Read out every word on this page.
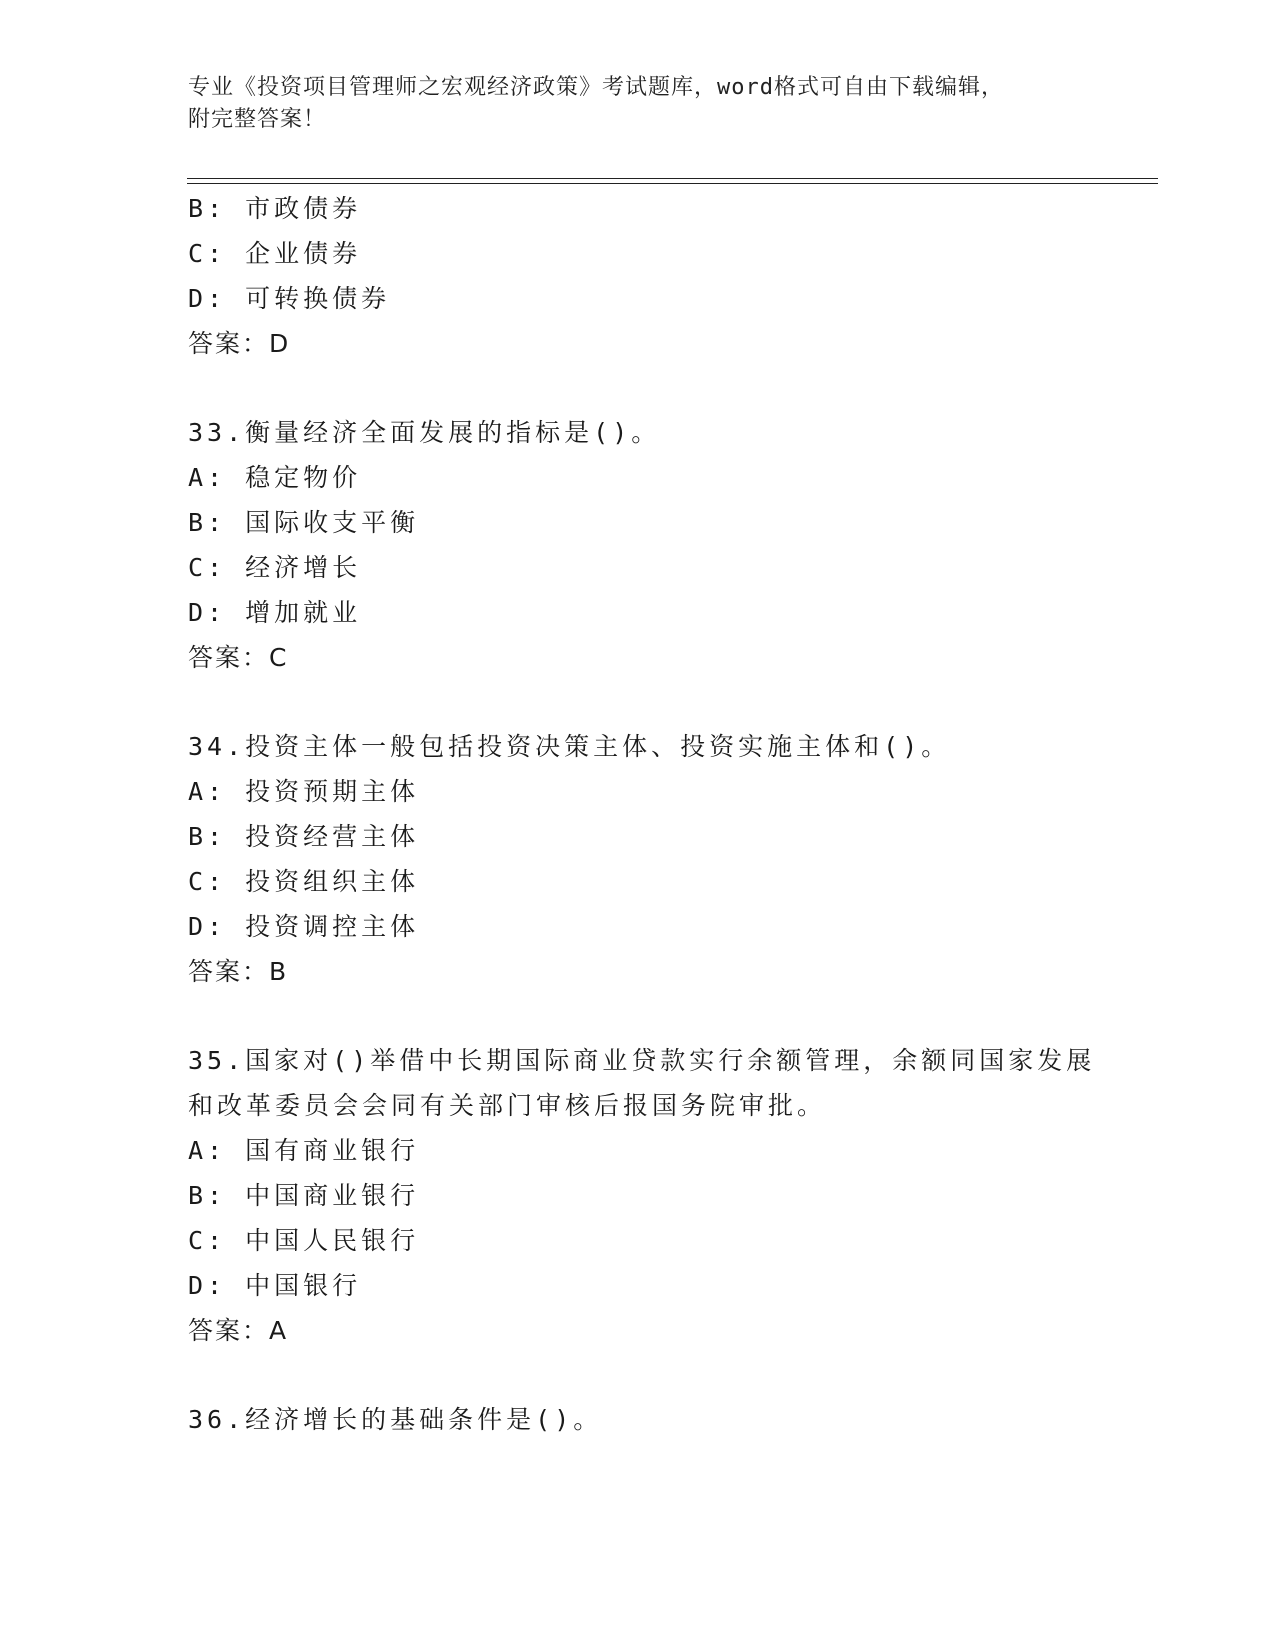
专业《投资项目管理师之宏观经济政策》考试题库，word格式可自由下载编辑，
附完整答案！
B: 市政债券
C: 企业债券
D: 可转换债券
答案：D
33.衡量经济全面发展的指标是()。
A: 稳定物价
B: 国际收支平衡
C: 经济增长
D: 增加就业
答案：C
34.投资主体一般包括投资决策主体、投资实施主体和()。
A: 投资预期主体
B: 投资经营主体
C: 投资组织主体
D: 投资调控主体
答案：B
35.国家对()举借中长期国际商业贷款实行余额管理，余额同国家发展
和改革委员会会同有关部门审核后报国务院审批。
A: 国有商业银行
B: 中国商业银行
C: 中国人民银行
D: 中国银行
答案：A
36.经济增长的基础条件是()。
